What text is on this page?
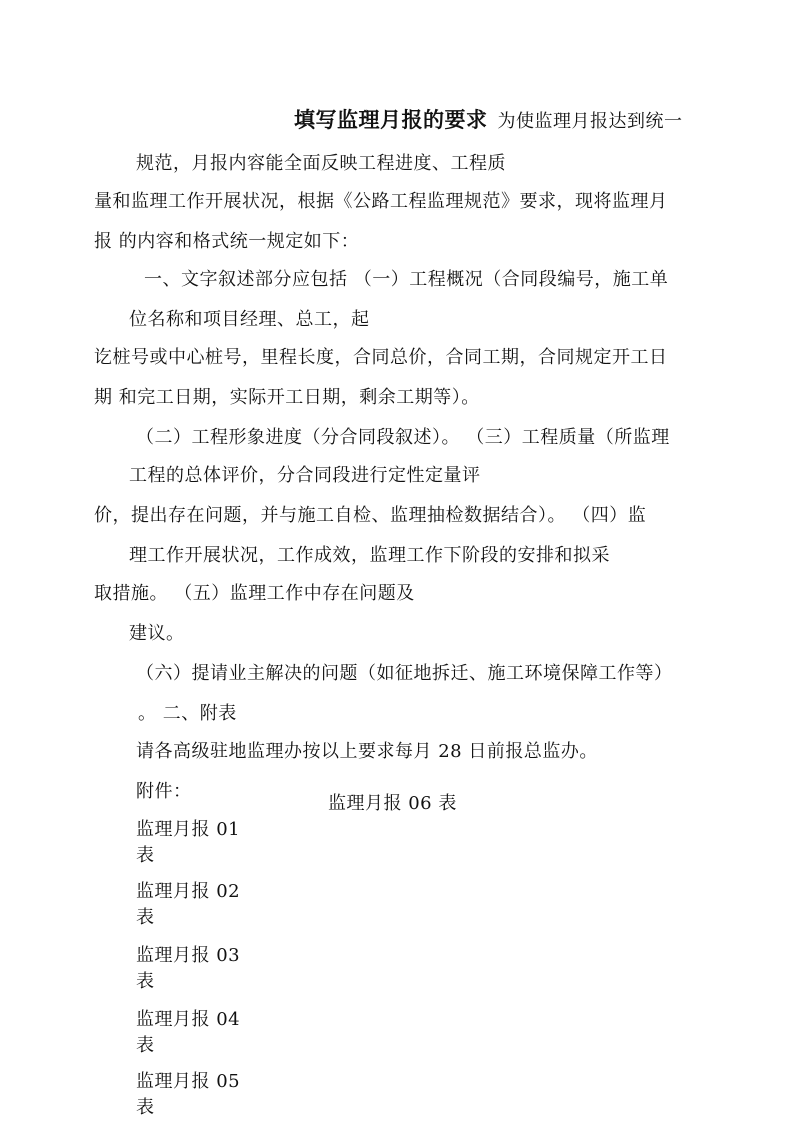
填写监理月报的要求 为使监理月报达到统一
规范，月报内容能全面反映工程进度、工程质
量和监理工作开展状况，根据《公路工程监理规范》要求，现将监理月
报 的内容和格式统一规定如下：
一、文字叙述部分应包括 （一）工程概况（合同段编号，施工单
位名称和项目经理、总工，起
讫桩号或中心桩号，里程长度，合同总价，合同工期，合同规定开工日
期 和完工日期，实际开工日期，剩余工期等）。
（二）工程形象进度（分合同段叙述）。 （三）工程质量（所监理
工程的总体评价，分合同段进行定性定量评
价，提出存在问题，并与施工自检、监理抽检数据结合）。 （四）监
理工作开展状况，工作成效，监理工作下阶段的安排和拟采
取措施。 （五）监理工作中存在问题及
建议。
（六）提请业主解决的问题（如征地拆迁、施工环境保障工作等）
。 二、附表
请各高级驻地监理办按以上要求每月 28 日前报总监办。
附件：
监理月报 06 表
监理月报 01
表
监理月报 02
表
监理月报 03
表
监理月报 04
表
监理月报 05
表
